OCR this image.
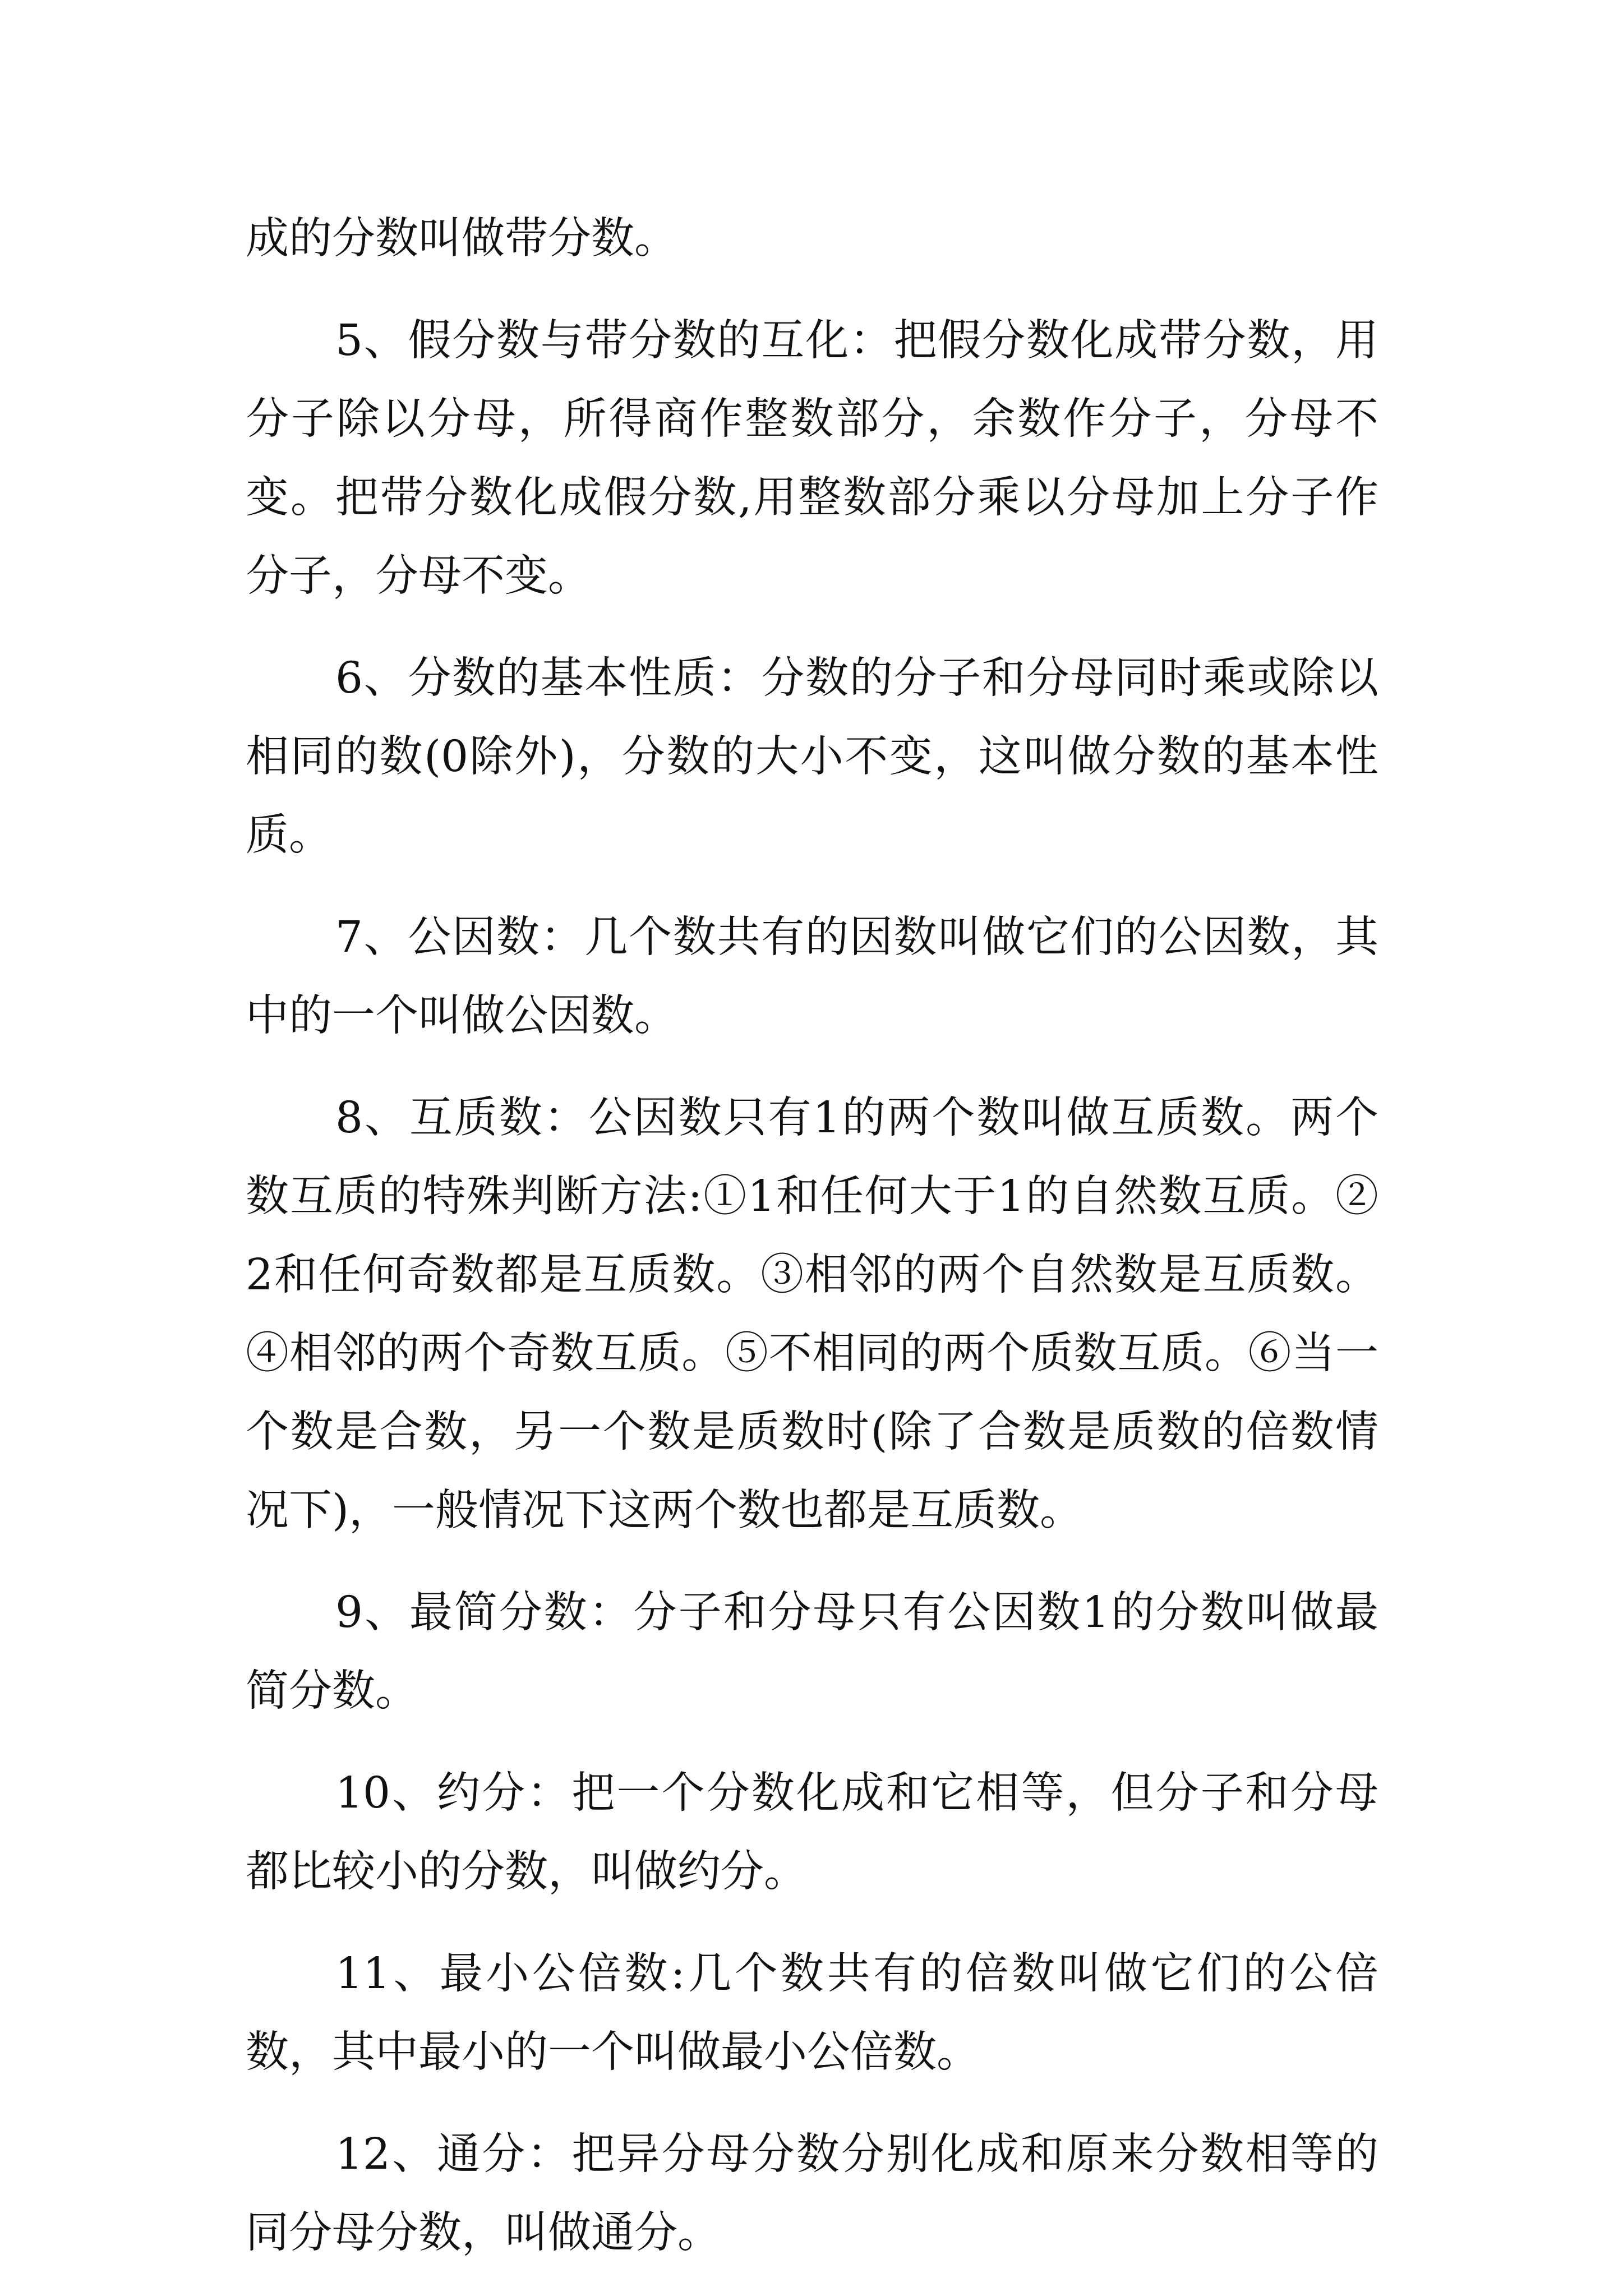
成的分数叫做带分数。

5、假分数与带分数的互化：把假分数化成带分数，用分子除以分母，所得商作整数部分，余数作分子，分母不变。把带分数化成假分数,用整数部分乘以分母加上分子作分子，分母不变。

6、分数的基本性质：分数的分子和分母同时乘或除以相同的数(0除外)，分数的大小不变，这叫做分数的基本性质。

7、公因数：几个数共有的因数叫做它们的公因数，其中的一个叫做公因数。

8、互质数：公因数只有1的两个数叫做互质数。两个数互质的特殊判断方法:①1和任何大于1的自然数互质。②2和任何奇数都是互质数。③相邻的两个自然数是互质数。④相邻的两个奇数互质。⑤不相同的两个质数互质。⑥当一个数是合数，另一个数是质数时(除了合数是质数的倍数情况下)，一般情况下这两个数也都是互质数。

9、最简分数：分子和分母只有公因数1的分数叫做最简分数。

10、约分：把一个分数化成和它相等，但分子和分母都比较小的分数，叫做约分。

11、最小公倍数:几个数共有的倍数叫做它们的公倍数，其中最小的一个叫做最小公倍数。

12、通分：把异分母分数分别化成和原来分数相等的同分母分数，叫做通分。
